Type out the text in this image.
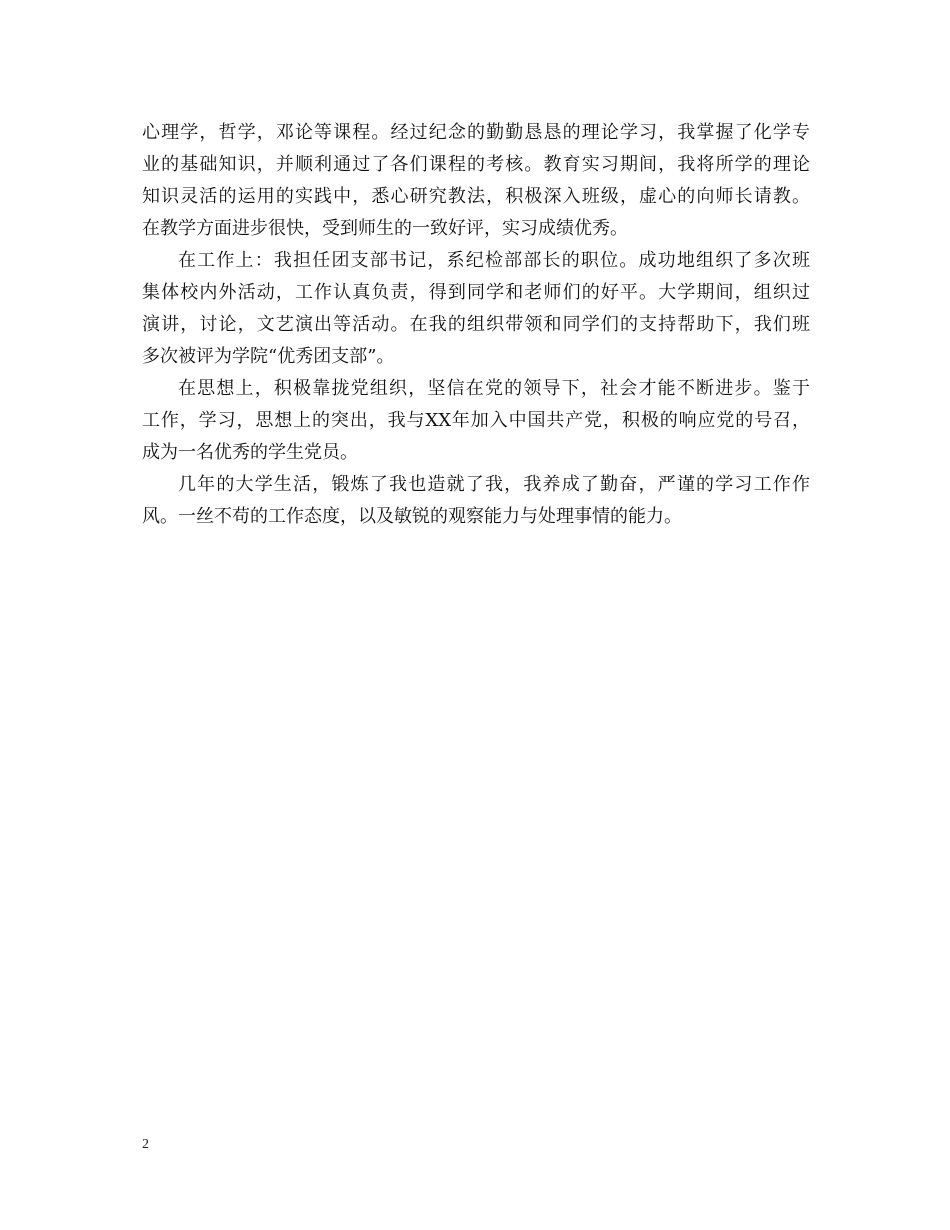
心理学，哲学，邓论等课程。经过纪念的勤勤恳恳的理论学习，我掌握了化学专
业的基础知识，并顺利通过了各们课程的考核。教育实习期间，我将所学的理论
知识灵活的运用的实践中，悉心研究教法，积极深入班级，虚心的向师长请教。
在教学方面进步很快，受到师生的一致好评，实习成绩优秀。
在工作上：我担任团支部书记，系纪检部部长的职位。成功地组织了多次班
集体校内外活动，工作认真负责，得到同学和老师们的好平。大学期间，组织过
演讲，讨论，文艺演出等活动。在我的组织带领和同学们的支持帮助下，我们班
多次被评为学院“优秀团支部”。
在思想上，积极靠拢党组织，坚信在党的领导下，社会才能不断进步。鉴于
工作，学习，思想上的突出，我与XX年加入中国共产党，积极的响应党的号召，
成为一名优秀的学生党员。
几年的大学生活，锻炼了我也造就了我，我养成了勤奋，严谨的学习工作作
风。一丝不苟的工作态度，以及敏锐的观察能力与处理事情的能力。
2
